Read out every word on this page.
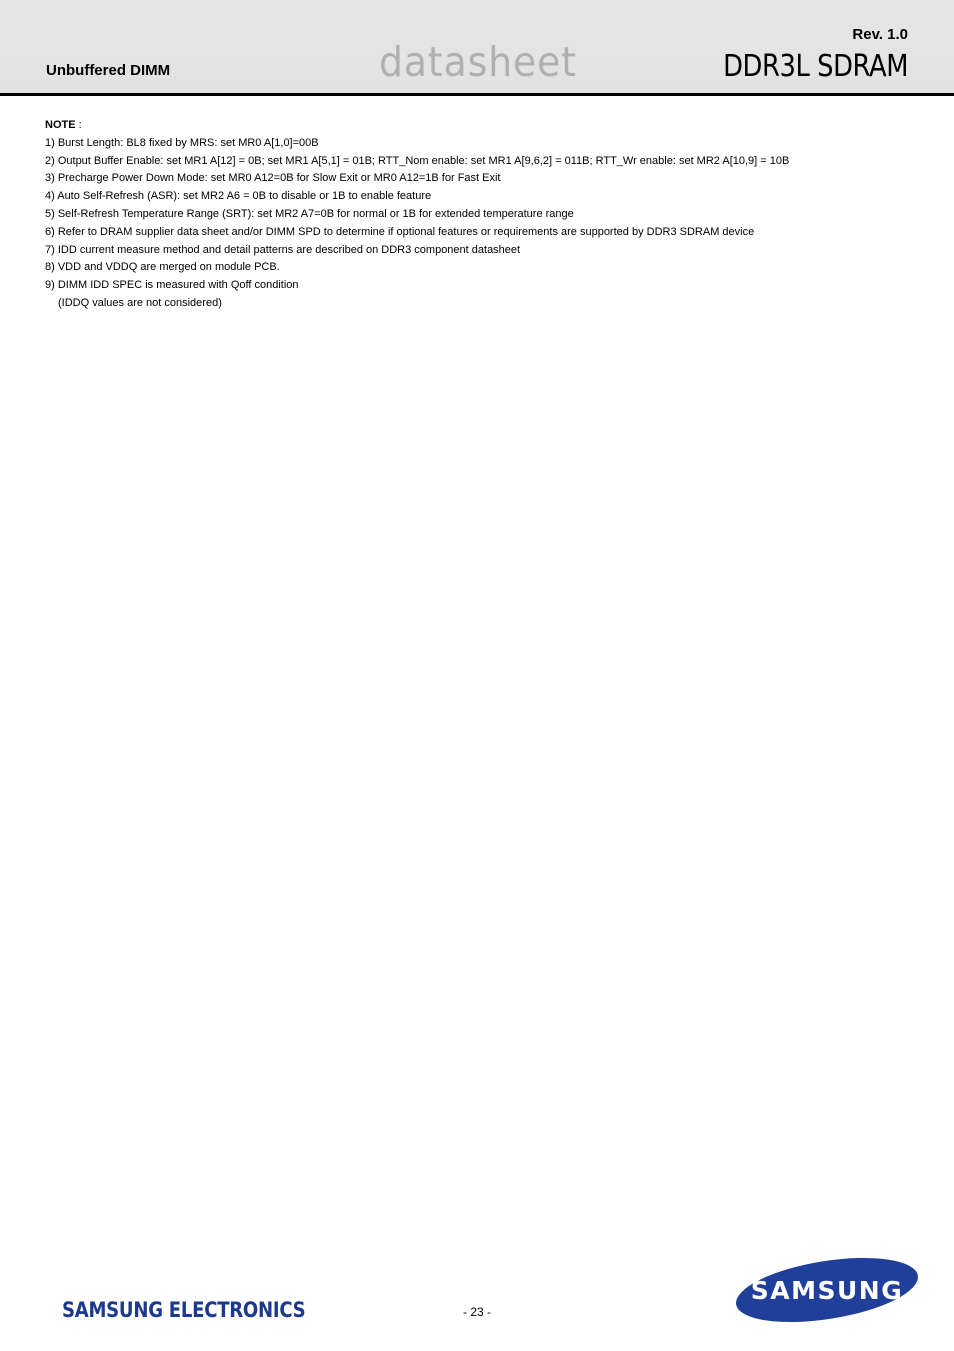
Unbuffered DIMM	datasheet
Rev. 1.0
DDR3L SDRAM

NOTE :

1) Burst Length: BL8 fixed by MRS: set MR0 A[1,0]=00B

2) Output Buffer Enable: set MR1 A[12] = 0B; set MR1 A[5,1] = 01B; RTT_Nom enable: set MR1 A[9,6,2] = 011B; RTT_Wr enable: set MR2 A[10,9] = 10B

3) Precharge Power Down Mode: set MR0 A12=0B for Slow Exit or MR0 A12=1B for Fast Exit

4) Auto Self-Refresh (ASR): set MR2 A6 = 0B to disable or 1B to enable feature

5) Self-Refresh Temperature Range (SRT): set MR2 A7=0B for normal or 1B for extended temperature range

6) Refer to DRAM supplier data sheet and/or DIMM SPD to determine if optional features or requirements are supported by DDR3 SDRAM device

7) IDD current measure method and detail patterns are described on DDR3 component datasheet

8) VDD and VDDQ are merged on module PCB.

9) DIMM IDD SPEC is measured with Qoff condition

(IDDQ values are not considered)

SAMSUNG ELECTRONICS	- 23 -
SAMSUNG
